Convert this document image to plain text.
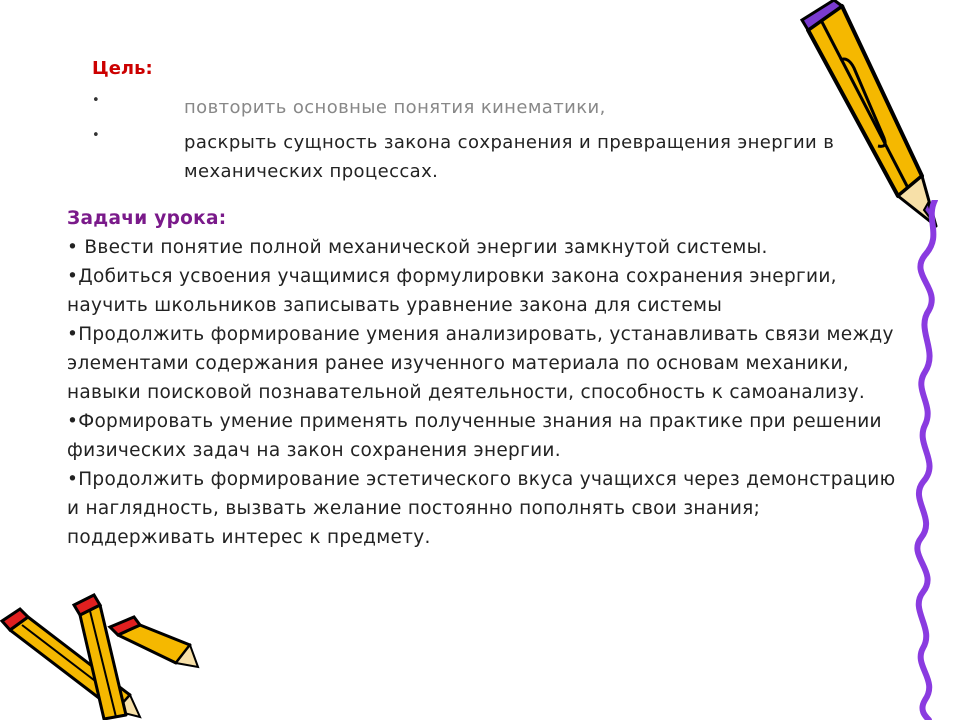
Цель:
•	повторить основные понятия кинематики,
•	раскрыть сущность закона сохранения и превращения энергии в механических процессах.
Задачи урока:
• Ввести понятие полной механической энергии замкнутой системы.
•Добиться усвоения учащимися формулировки закона сохранения энергии, научить школьников записывать уравнение закона для системы
•Продолжить формирование умения анализировать, устанавливать связи между элементами содержания ранее изученного материала по основам механики, навыки поисковой познавательной деятельности, способность к самоанализу.
•Формировать умение применять полученные знания на практике при решении физических задач на закон сохранения энергии.
•Продолжить формирование эстетического вкуса учащихся через демонстрацию и наглядность, вызвать желание постоянно пополнять свои знания; поддерживать интерес к предмету.
